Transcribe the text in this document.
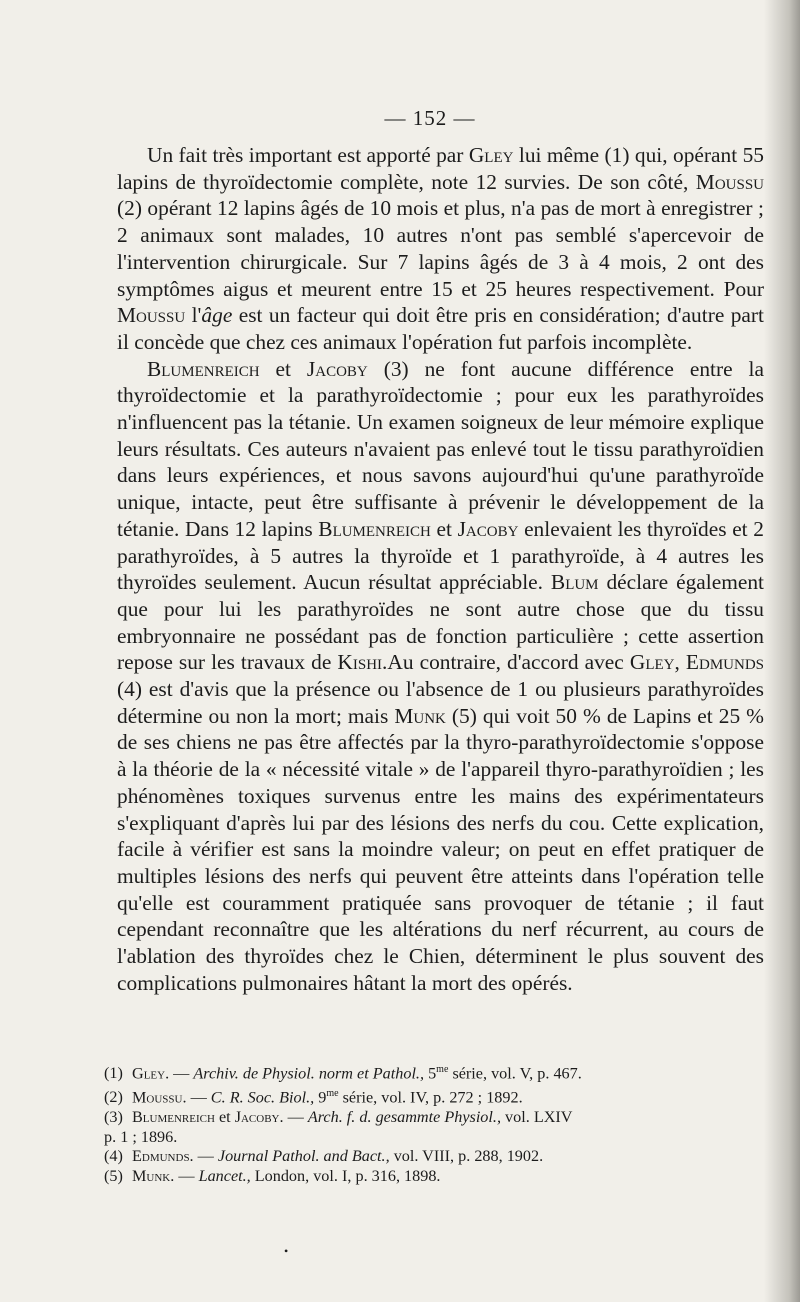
— 152 —

Un fait très important est apporté par Gley lui même (1) qui, opérant 55 lapins de thyroïdectomie complète, note 12 survies. De son côté, Moussu (2) opérant 12 lapins âgés de 10 mois et plus, n'a pas de mort à enregistrer ; 2 animaux sont malades, 10 autres n'ont pas semblé s'apercevoir de l'intervention chirurgicale. Sur 7 lapins âgés de 3 à 4 mois, 2 ont des symptômes aigus et meurent entre 15 et 25 heures respectivement. Pour Moussu l'âge est un facteur qui doit être pris en considération; d'autre part il concède que chez ces animaux l'opération fut parfois incomplète.

Blumenreich et Jacoby (3) ne font aucune différence entre la thyroïdectomie et la parathyroïdectomie ; pour eux les parathyroïdes n'influencent pas la tétanie. Un examen soigneux de leur mémoire explique leurs résultats. Ces auteurs n'avaient pas enlevé tout le tissu parathyroïdien dans leurs expériences, et nous savons aujourd'hui qu'une parathyroïde unique, intacte, peut être suffisante à prévenir le développement de la tétanie. Dans 12 lapins Blumenreich et Jacoby enlevaient les thyroïdes et 2 parathyroïdes, à 5 autres la thyroïde et 1 parathyroïde, à 4 autres les thyroïdes seulement. Aucun résultat appréciable. Blum déclare également que pour lui les parathyroïdes ne sont autre chose que du tissu embryonnaire ne possédant pas de fonction particulière ; cette assertion repose sur les travaux de Kishi.Au contraire, d'accord avec Gley, Edmunds (4) est d'avis que la présence ou l'absence de 1 ou plusieurs parathyroïdes détermine ou non la mort; mais Munk (5) qui voit 50 % de Lapins et 25 % de ses chiens ne pas être affectés par la thyro-parathyroïdectomie s'oppose à la théorie de la « nécessité vitale » de l'appareil thyro-parathyroïdien ; les phénomènes toxiques survenus entre les mains des expérimentateurs s'expliquant d'après lui par des lésions des nerfs du cou. Cette explication, facile à vérifier est sans la moindre valeur; on peut en effet pratiquer de multiples lésions des nerfs qui peuvent être atteints dans l'opération telle qu'elle est couramment pratiquée sans provoquer de tétanie ; il faut cependant reconnaître que les altérations du nerf récurrent, au cours de l'ablation des thyroïdes chez le Chien, déterminent le plus souvent des complications pulmonaires hâtant la mort des opérés.

(1) Gley. — Archiv. de Physiol. norm et Pathol., $5^{me}$ série, vol. V, p. 467.

(2) Moussu. — C. R. Soc. Biol., $9^{me}$ série, vol. IV, p. 272 ; 1892.

(3) Blumenreich et Jacoby. — Arch. f. d. gesammte Physiol., vol. LXIV

p. 1 ; 1896.

(4) Edmunds. — Journal Pathol. and Bact., vol. VIII, p. 288, 1902.

(5) Munk. — Lancet., London, vol. I, p. 316, 1898.

•
